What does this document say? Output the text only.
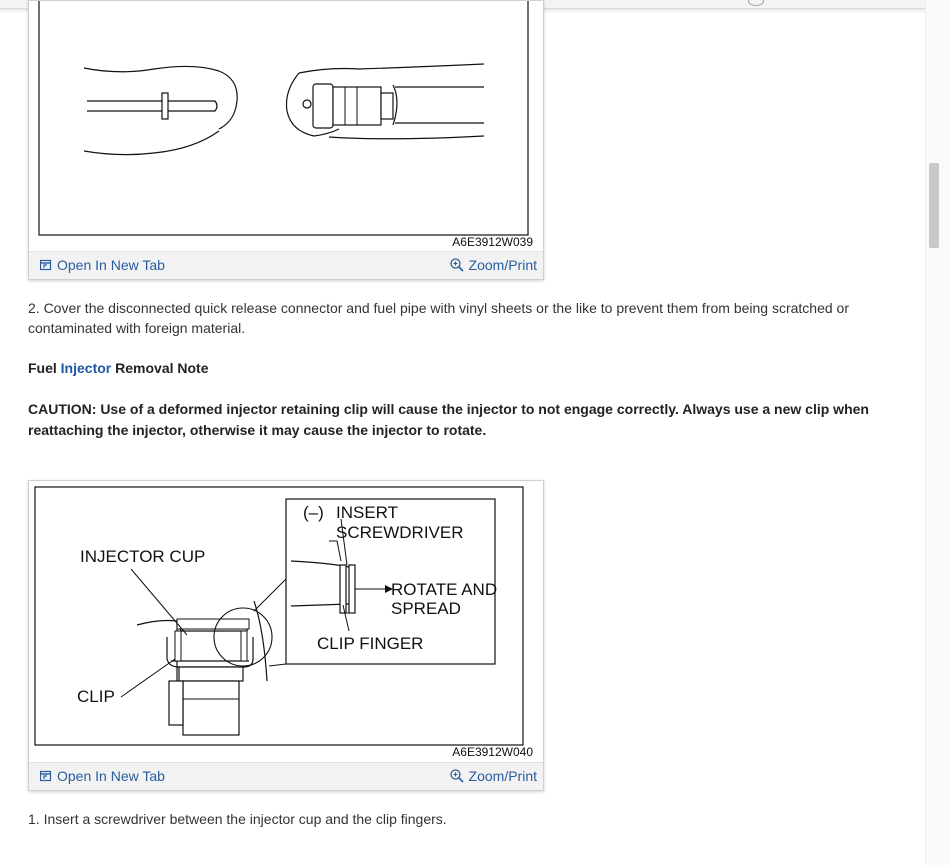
A6E3912W039
Open In New Tab	Zoom/Print
2. Cover the disconnected quick release connector and fuel pipe with vinyl sheets or the like to prevent them from being scratched or contaminated with foreign material.
Fuel Injector Removal Note
CAUTION: Use of a deformed injector retaining clip will cause the injector to not engage correctly. Always use a new clip when reattaching the injector, otherwise it may cause the injector to rotate.
INJECTOR CUP
CLIP
(–) INSERT
SCREWDRIVER
ROTATE AND
SPREAD
CLIP FINGER
A6E3912W040
Open In New Tab	Zoom/Print
1. Insert a screwdriver between the injector cup and the clip fingers.
